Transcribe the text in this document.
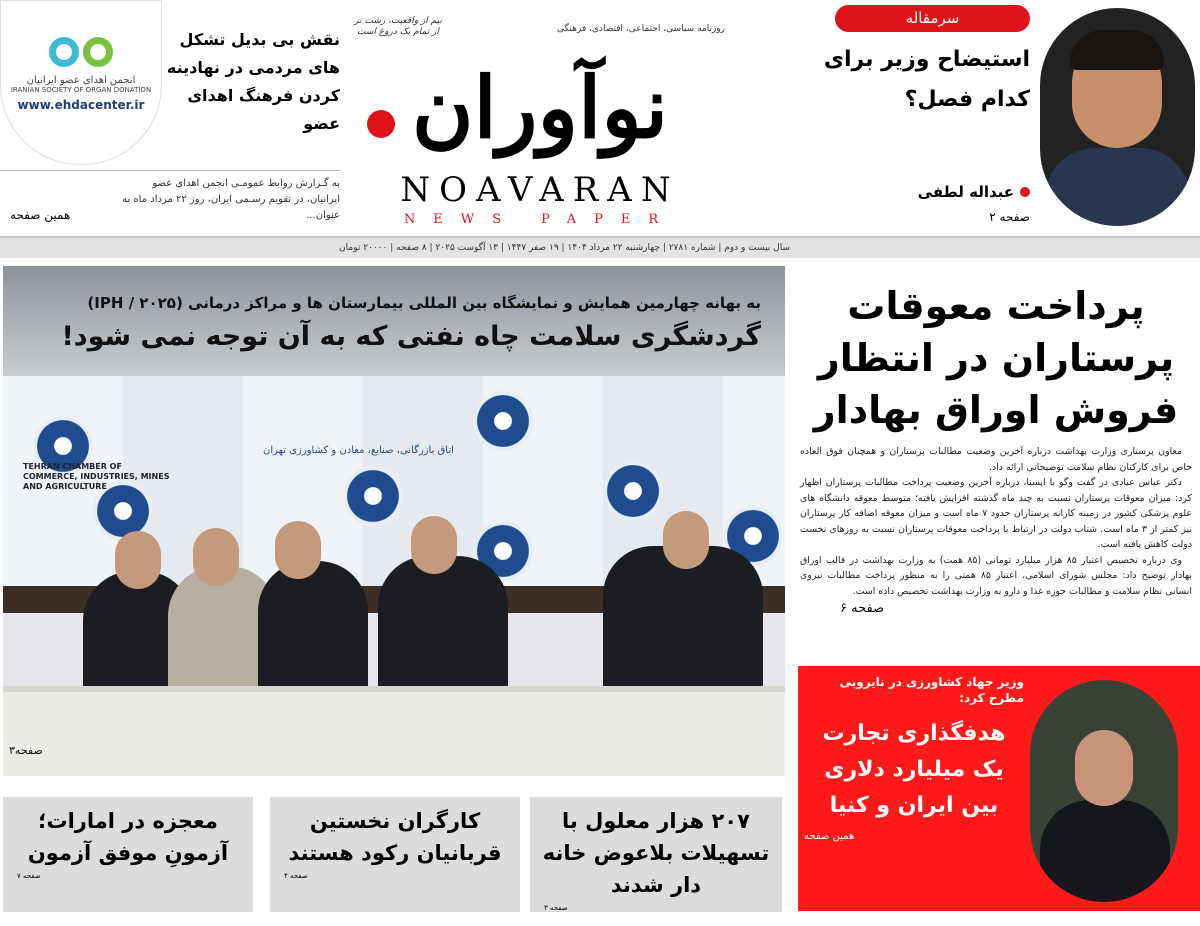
انجمن اهدای عضو ایرانیان
IRANIAN SOCIETY OF ORGAN DONATION
www.ehdacenter.ir
نقش بی بدیل تشکل های مردمی در نهادینه کردن فرهنگ اهدای عضو
به گـزارش روابط عمومـی انجمن اهدای عضو ایرانیان، در تقویم رسـمی ایران، روز ۲۲ مرداد ماه به عنوان...
همین صفحه
روزنامه سیاسی، اجتماعی، اقتصادی، فرهنگی
نیم از واقعیت، زشت تر از تمام یک دروغ است
نوآوران
NOAVARAN
NEWS PAPER
سرمقاله
استیضاح وزیر برای کدام فصل؟
عبداله لطفی
صفحه ۲
سال بیست و دوم | شماره ۲۷۸۱ | چهارشنبه ۲۲ مرداد ۱۴۰۴ | ۱۹ صفر ۱۴۴۷ | ۱۳ آگوست ۲۰۲۵ | ۸ صفحه | ۲۰۰۰۰ تومان
اتاق بازرگانی، صنایع، معادن و کشاورزی تهران
TEHRAN CHAMBER OF COMMERCE, INDUSTRIES, MINES AND AGRICULTURE
به بهانه چهارمین همایش و نمایشگاه بین المللی بیمارستان ها و مراکز درمانی (IPH / ۲۰۲۵)
گردشگری سلامت چاه نفتی که به آن توجه نمی شود!
صفحه۳
پرداخت معوقات پرستاران در انتظار فروش اوراق بهادار

معاون پرستاری وزارت بهداشت درباره آخرین وضعیت مطالبات پرستاران و همچنان فوق العاده خاص برای کارکنان نظام سلامت توضیحاتی ارائه داد.

دکتر عباس عبادی در گفت وگو با ایسنا، درباره آخرین وضعیت پرداخت مطالبات پرستاران اظهار کرد: میزان معوقات پرستاران نسبت به چند ماه گذشته افزایش یافته؛ متوسط معوقه دانشگاه های علوم پزشکی کشور در زمینه کارانه پرستاران حدود ۷ ماه است و میزان معوقه اضافه کار پرستاران نیز کمتر از ۳ ماه است. شتاب دولت در ارتباط با پرداخت معوقات پرستاران نسبت به روزهای نخست دولت کاهش یافته است.

وی درباره تخصیص اعتبار ۸۵ هزار میلیارد تومانی (۸۵ همت) به وزارت بهداشت در قالب اوراق بهادار توضیح داد: مجلس شورای اسلامی، اعتبار ۸۵ همتی را به منظور پرداخت مطالبات نیروی انسانی نظام سلامت و مطالبات حوزه غذا و دارو به وزارت بهداشت تخصیص داده است.

صفحه ۶
وزیر جهاد کشاورزی در نایروبی مطرح کرد:
هدفگذاری تجارت یک میلیارد دلاری بین ایران و کنیا
همین صفحه
۲۰۷ هزار معلول با تسهیلات بلاعوض خانه دار شدند
صفحه ۳
کارگران نخستین قربانیان رکود هستند
صفحه ۴
معجزه در امارات؛ آزمونِ موفق آزمون
صفحه ۷
